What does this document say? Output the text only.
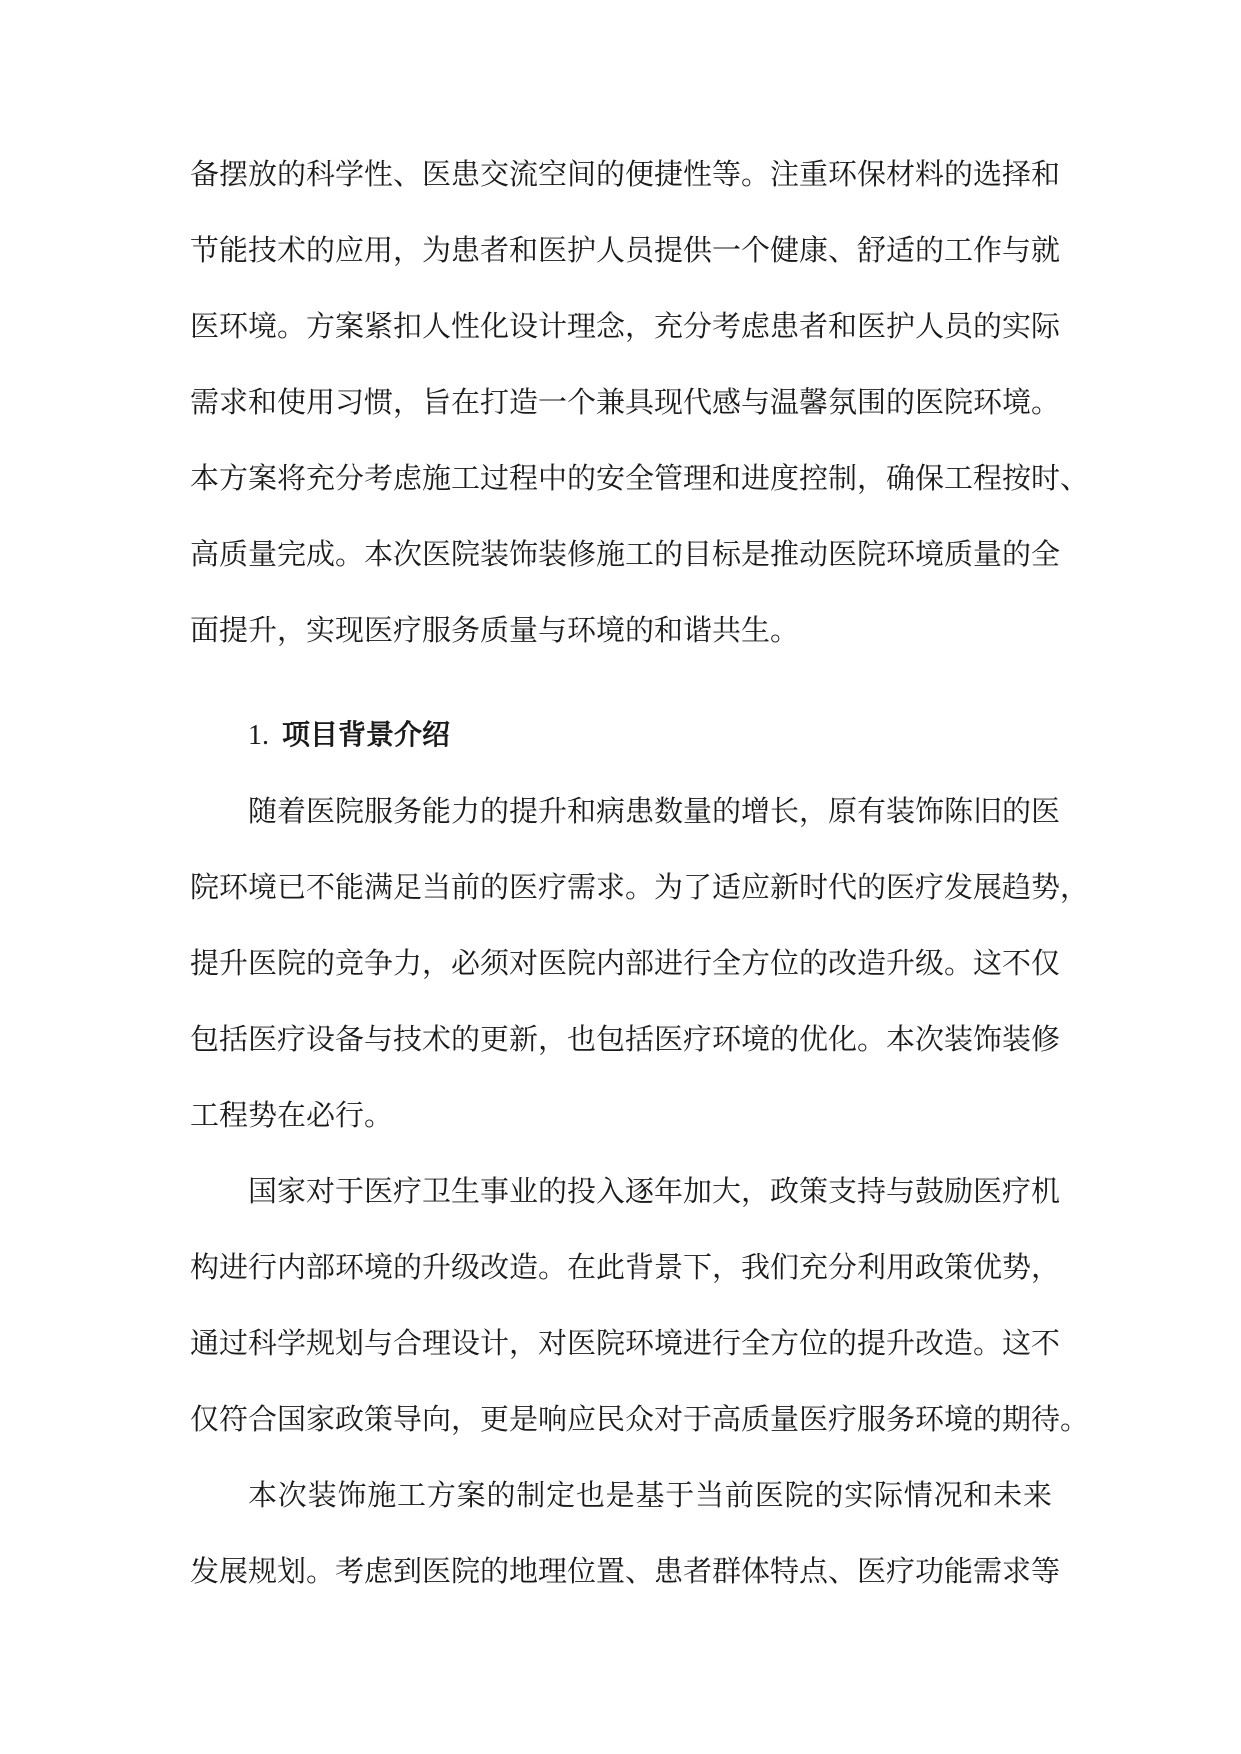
备摆放的科学性、医患交流空间的便捷性等。注重环保材料的选择和
节能技术的应用，为患者和医护人员提供一个健康、舒适的工作与就
医环境。方案紧扣人性化设计理念，充分考虑患者和医护人员的实际
需求和使用习惯，旨在打造一个兼具现代感与温馨氛围的医院环境。
本方案将充分考虑施工过程中的安全管理和进度控制，确保工程按时、
高质量完成。本次医院装饰装修施工的目标是推动医院环境质量的全
面提升，实现医疗服务质量与环境的和谐共生。
1. 项目背景介绍
随着医院服务能力的提升和病患数量的增长，原有装饰陈旧的医
院环境已不能满足当前的医疗需求。为了适应新时代的医疗发展趋势，
提升医院的竞争力，必须对医院内部进行全方位的改造升级。这不仅
包括医疗设备与技术的更新，也包括医疗环境的优化。本次装饰装修
工程势在必行。
国家对于医疗卫生事业的投入逐年加大，政策支持与鼓励医疗机
构进行内部环境的升级改造。在此背景下，我们充分利用政策优势，
通过科学规划与合理设计，对医院环境进行全方位的提升改造。这不
仅符合国家政策导向，更是响应民众对于高质量医疗服务环境的期待。
本次装饰施工方案的制定也是基于当前医院的实际情况和未来
发展规划。考虑到医院的地理位置、患者群体特点、医疗功能需求等
